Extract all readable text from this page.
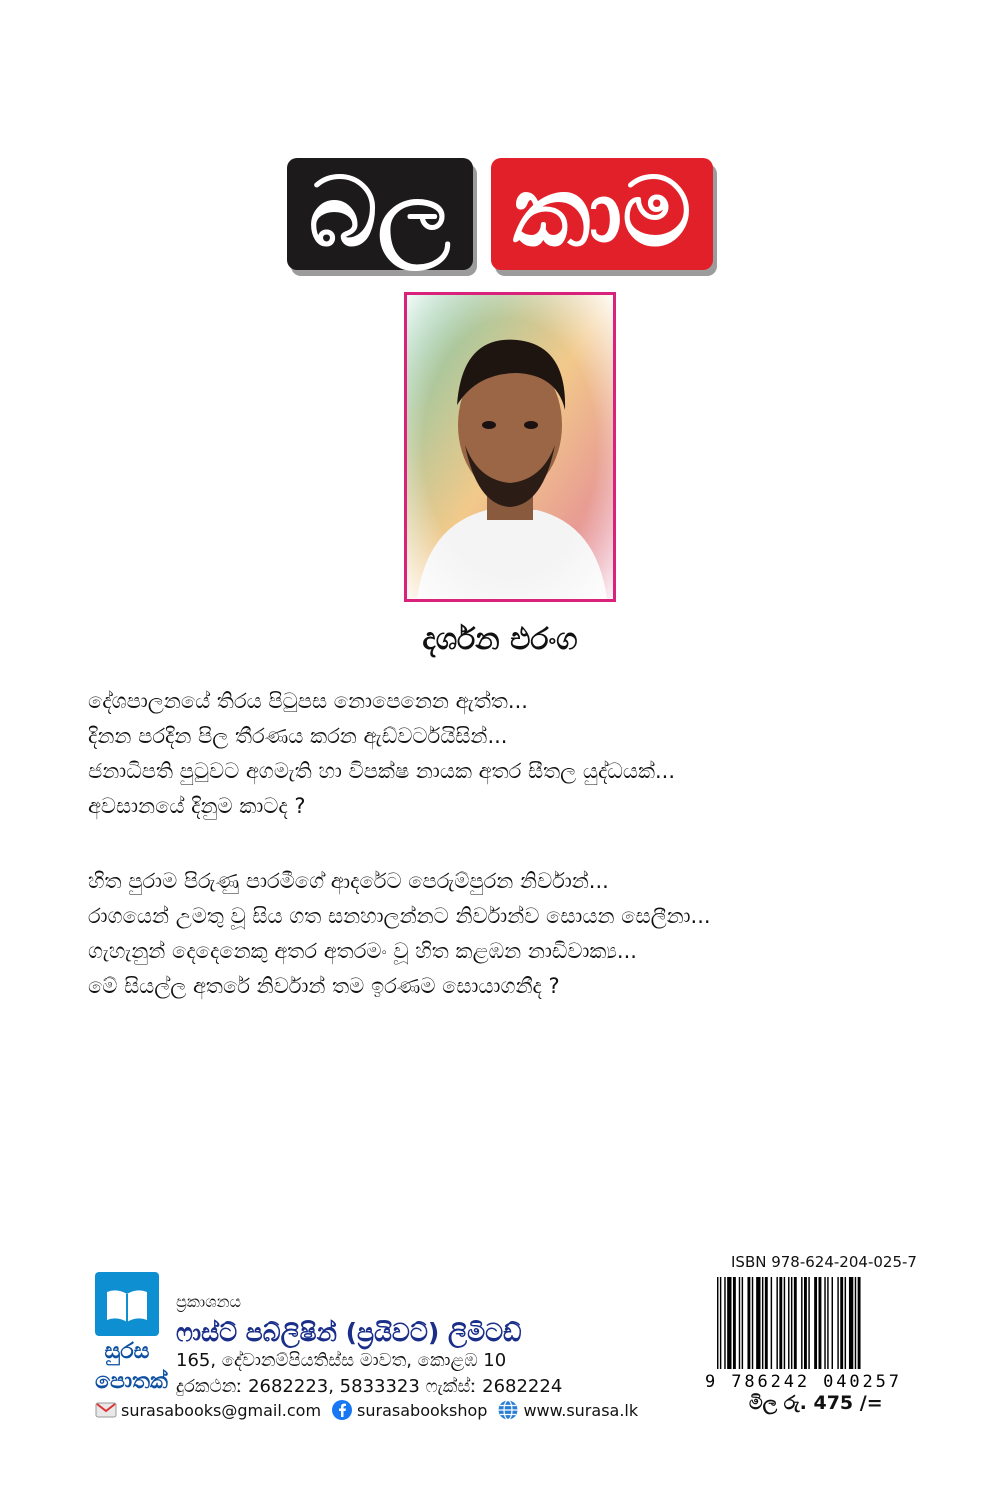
බල කාම
දර්ශන එරංග
දේශපාලනයේ තිරය පිටුපස නොපෙනෙන ඇත්ත...
දිනන පරදින පිල තීරණය කරන ඇඩ්වර්ටයිසින්...
ජනාධිපති පුටුවට අගමැති හා විපක්ෂ නායක අතර සීතල යුද්ධයක්...
අවසානයේ දිනුම කාටද ?
හිත පුරාම පිරුණු පාරමීගේ ආදරේට පෙරුම්පුරන නිර්වාන්...
රාගයෙන් උමතු වූ සිය ගත සනහාලන්නට නිර්වාන්ව සොයන සෙලීනා...
ගැහැනුන් දෙදෙනෙකු අතර අතරමං වූ හිත කළඹන නාඩිවාක්‍ය...
මේ සියල්ල අතරේ නිර්වාන් තම ඉරණම සොයාගනීද ?
සුරස
පොතක්
ප්‍රකාශනය
ෆාස්ට් පබ්ලිෂින් (ප්‍රයිවට්) ලිමිටඩ්
165, දේවානම්පියතිස්ස මාවත, කොළඹ 10
දුරකථනː 2682223, 5833323 ෆැක්ස්ː 2682224
surasabooks@gmail.com surasabookshop www.surasa.lk
ISBN 978-624-204-025-7
9 786242 040257
මිල රු. 475 /=
